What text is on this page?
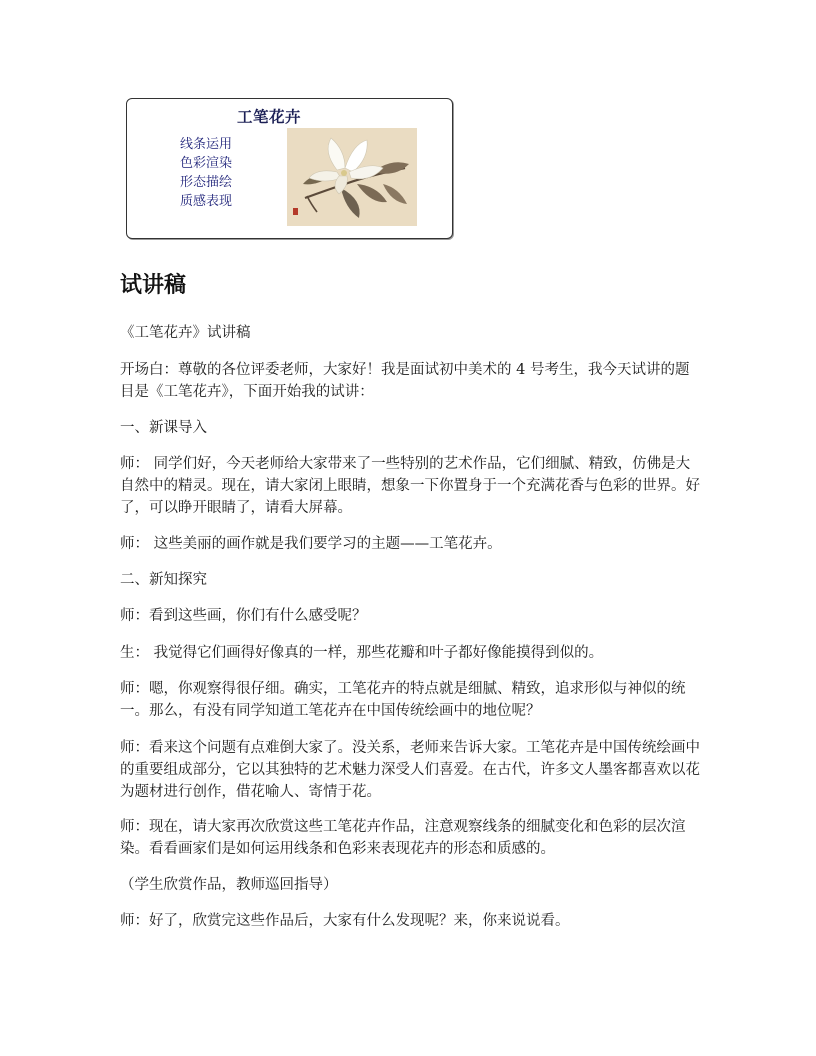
工笔花卉
线条运用
色彩渲染
形态描绘
质感表现
试讲稿

《工笔花卉》试讲稿

开场白：尊敬的各位评委老师，大家好！我是面试初中美术的 4 号考生，我今天试讲的题目是《工笔花卉》，下面开始我的试讲：

一、新课导入

师： 同学们好，今天老师给大家带来了一些特别的艺术作品，它们细腻、精致，仿佛是大自然中的精灵。现在，请大家闭上眼睛，想象一下你置身于一个充满花香与色彩的世界。好了，可以睁开眼睛了，请看大屏幕。

师： 这些美丽的画作就是我们要学习的主题——工笔花卉。

二、新知探究

师：看到这些画，你们有什么感受呢？

生： 我觉得它们画得好像真的一样，那些花瓣和叶子都好像能摸得到似的。

师：嗯，你观察得很仔细。确实，工笔花卉的特点就是细腻、精致，追求形似与神似的统一。那么，有没有同学知道工笔花卉在中国传统绘画中的地位呢？

师：看来这个问题有点难倒大家了。没关系，老师来告诉大家。工笔花卉是中国传统绘画中的重要组成部分，它以其独特的艺术魅力深受人们喜爱。在古代，许多文人墨客都喜欢以花为题材进行创作，借花喻人、寄情于花。

师：现在，请大家再次欣赏这些工笔花卉作品，注意观察线条的细腻变化和色彩的层次渲染。看看画家们是如何运用线条和色彩来表现花卉的形态和质感的。

（学生欣赏作品，教师巡回指导）

师：好了，欣赏完这些作品后，大家有什么发现呢？来，你来说说看。
